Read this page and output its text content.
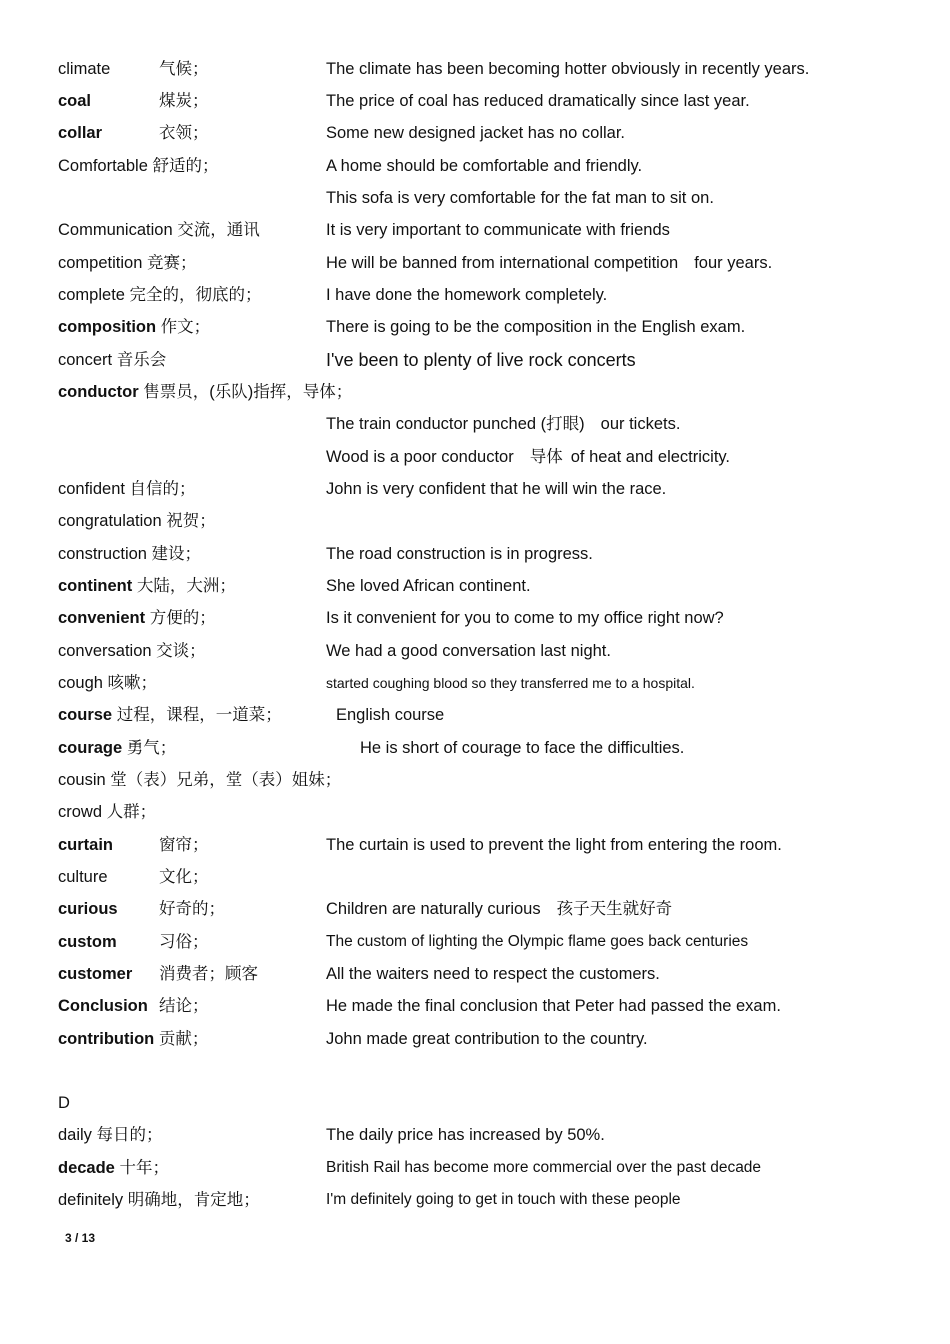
D
3 / 13
climate	气候；	The climate has been becoming hotter obviously in recently years.
coal	煤炭；	The price of coal has reduced dramatically since last year.
collar	衣领；	Some new designed jacket has no collar.
Comfortable 舒适的；	A home should be comfortable and friendly.
This sofa is very comfortable for the fat man to sit on.
Communication 交流，通讯	It is very important to communicate with friends
competition 竞赛；	He will be banned from international competition four years.
complete 完全的，彻底的；	I have done the homework completely.
composition 作文；	There is going to be the composition in the English exam.
concert 音乐会	I've been to plenty of live rock concerts
conductor 售票员，(乐队)指挥，导体；
The train conductor punched (打眼) our tickets.
Wood is a poor conductor 导体 of heat and electricity.
confident 自信的；	John is very confident that he will win the race.
congratulation 祝贺；
construction 建设；	The road construction is in progress.
continent 大陆，大洲；	She loved African continent.
convenient 方便的；	Is it convenient for you to come to my office right now?
conversation 交谈；	We had a good conversation last night.
cough 咳嗽；	started coughing blood so they transferred me to a hospital.
course 过程，课程，一道菜；	English course
courage 勇气；	He is short of courage to face the difficulties.
cousin 堂（表）兄弟，堂（表）姐妹；
crowd 人群；
curtain	窗帘；	The curtain is used to prevent the light from entering the room.
culture	文化；
curious	好奇的；	Children are naturally curious 孩子天生就好奇
custom	习俗；	The custom of lighting the Olympic flame goes back centuries
customer 消费者；顾客	All the waiters need to respect the customers.
Conclusion 结论；	He made the final conclusion that Peter had passed the exam.
contribution 贡献；	John made great contribution to the country.
daily 每日的；	The daily price has increased by 50%.
decade 十年；	British Rail has become more commercial over the past decade
definitely 明确地，肯定地；	I'm definitely going to get in touch with these people
